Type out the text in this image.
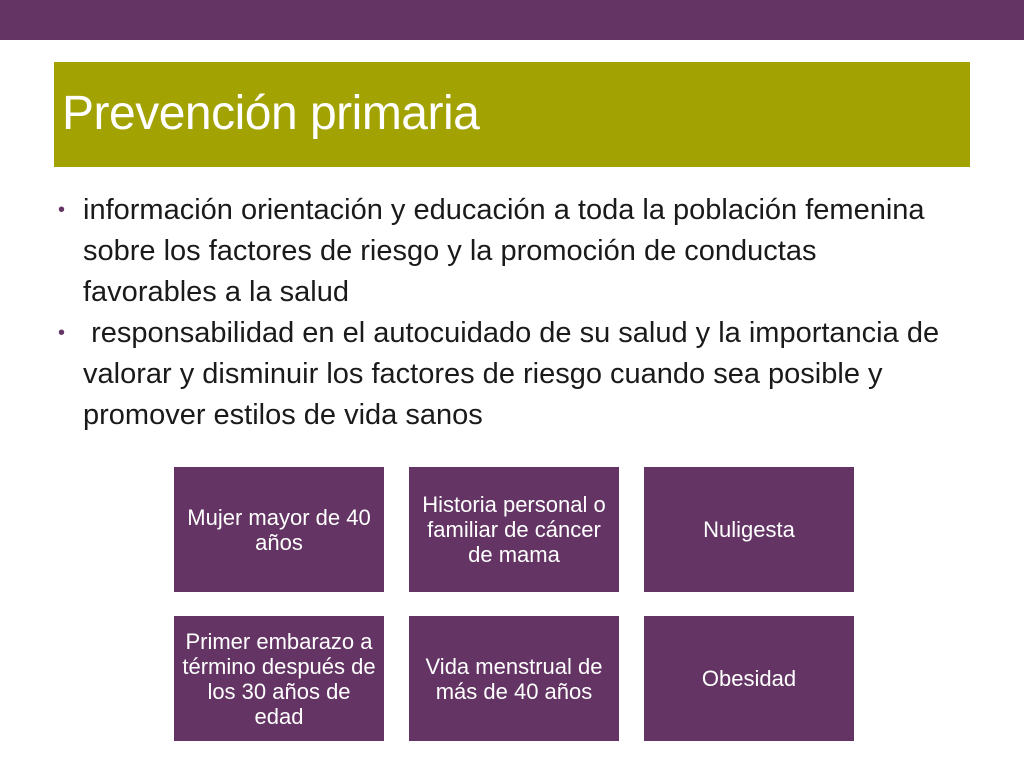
Prevención primaria
• información orientación y educación a toda la población femenina sobre los factores de riesgo y la promoción de conductas favorables a la salud
• responsabilidad en el autocuidado de su salud y la importancia de valorar y disminuir los factores de riesgo cuando sea posible y promover estilos de vida sanos
Mujer mayor de 40 años
Historia personal o familiar de cáncer de mama
Nuligesta
Primer embarazo a término después de los 30 años de edad
Vida menstrual de más de 40 años	Obesidad
